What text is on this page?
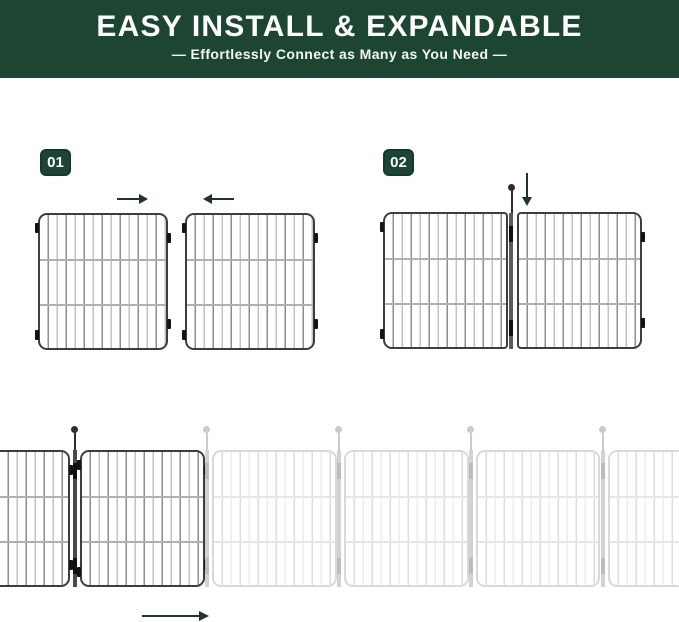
EASY INSTALL & EXPANDABLE

— Effortlessly Connect as Many as You Need —

01	02
